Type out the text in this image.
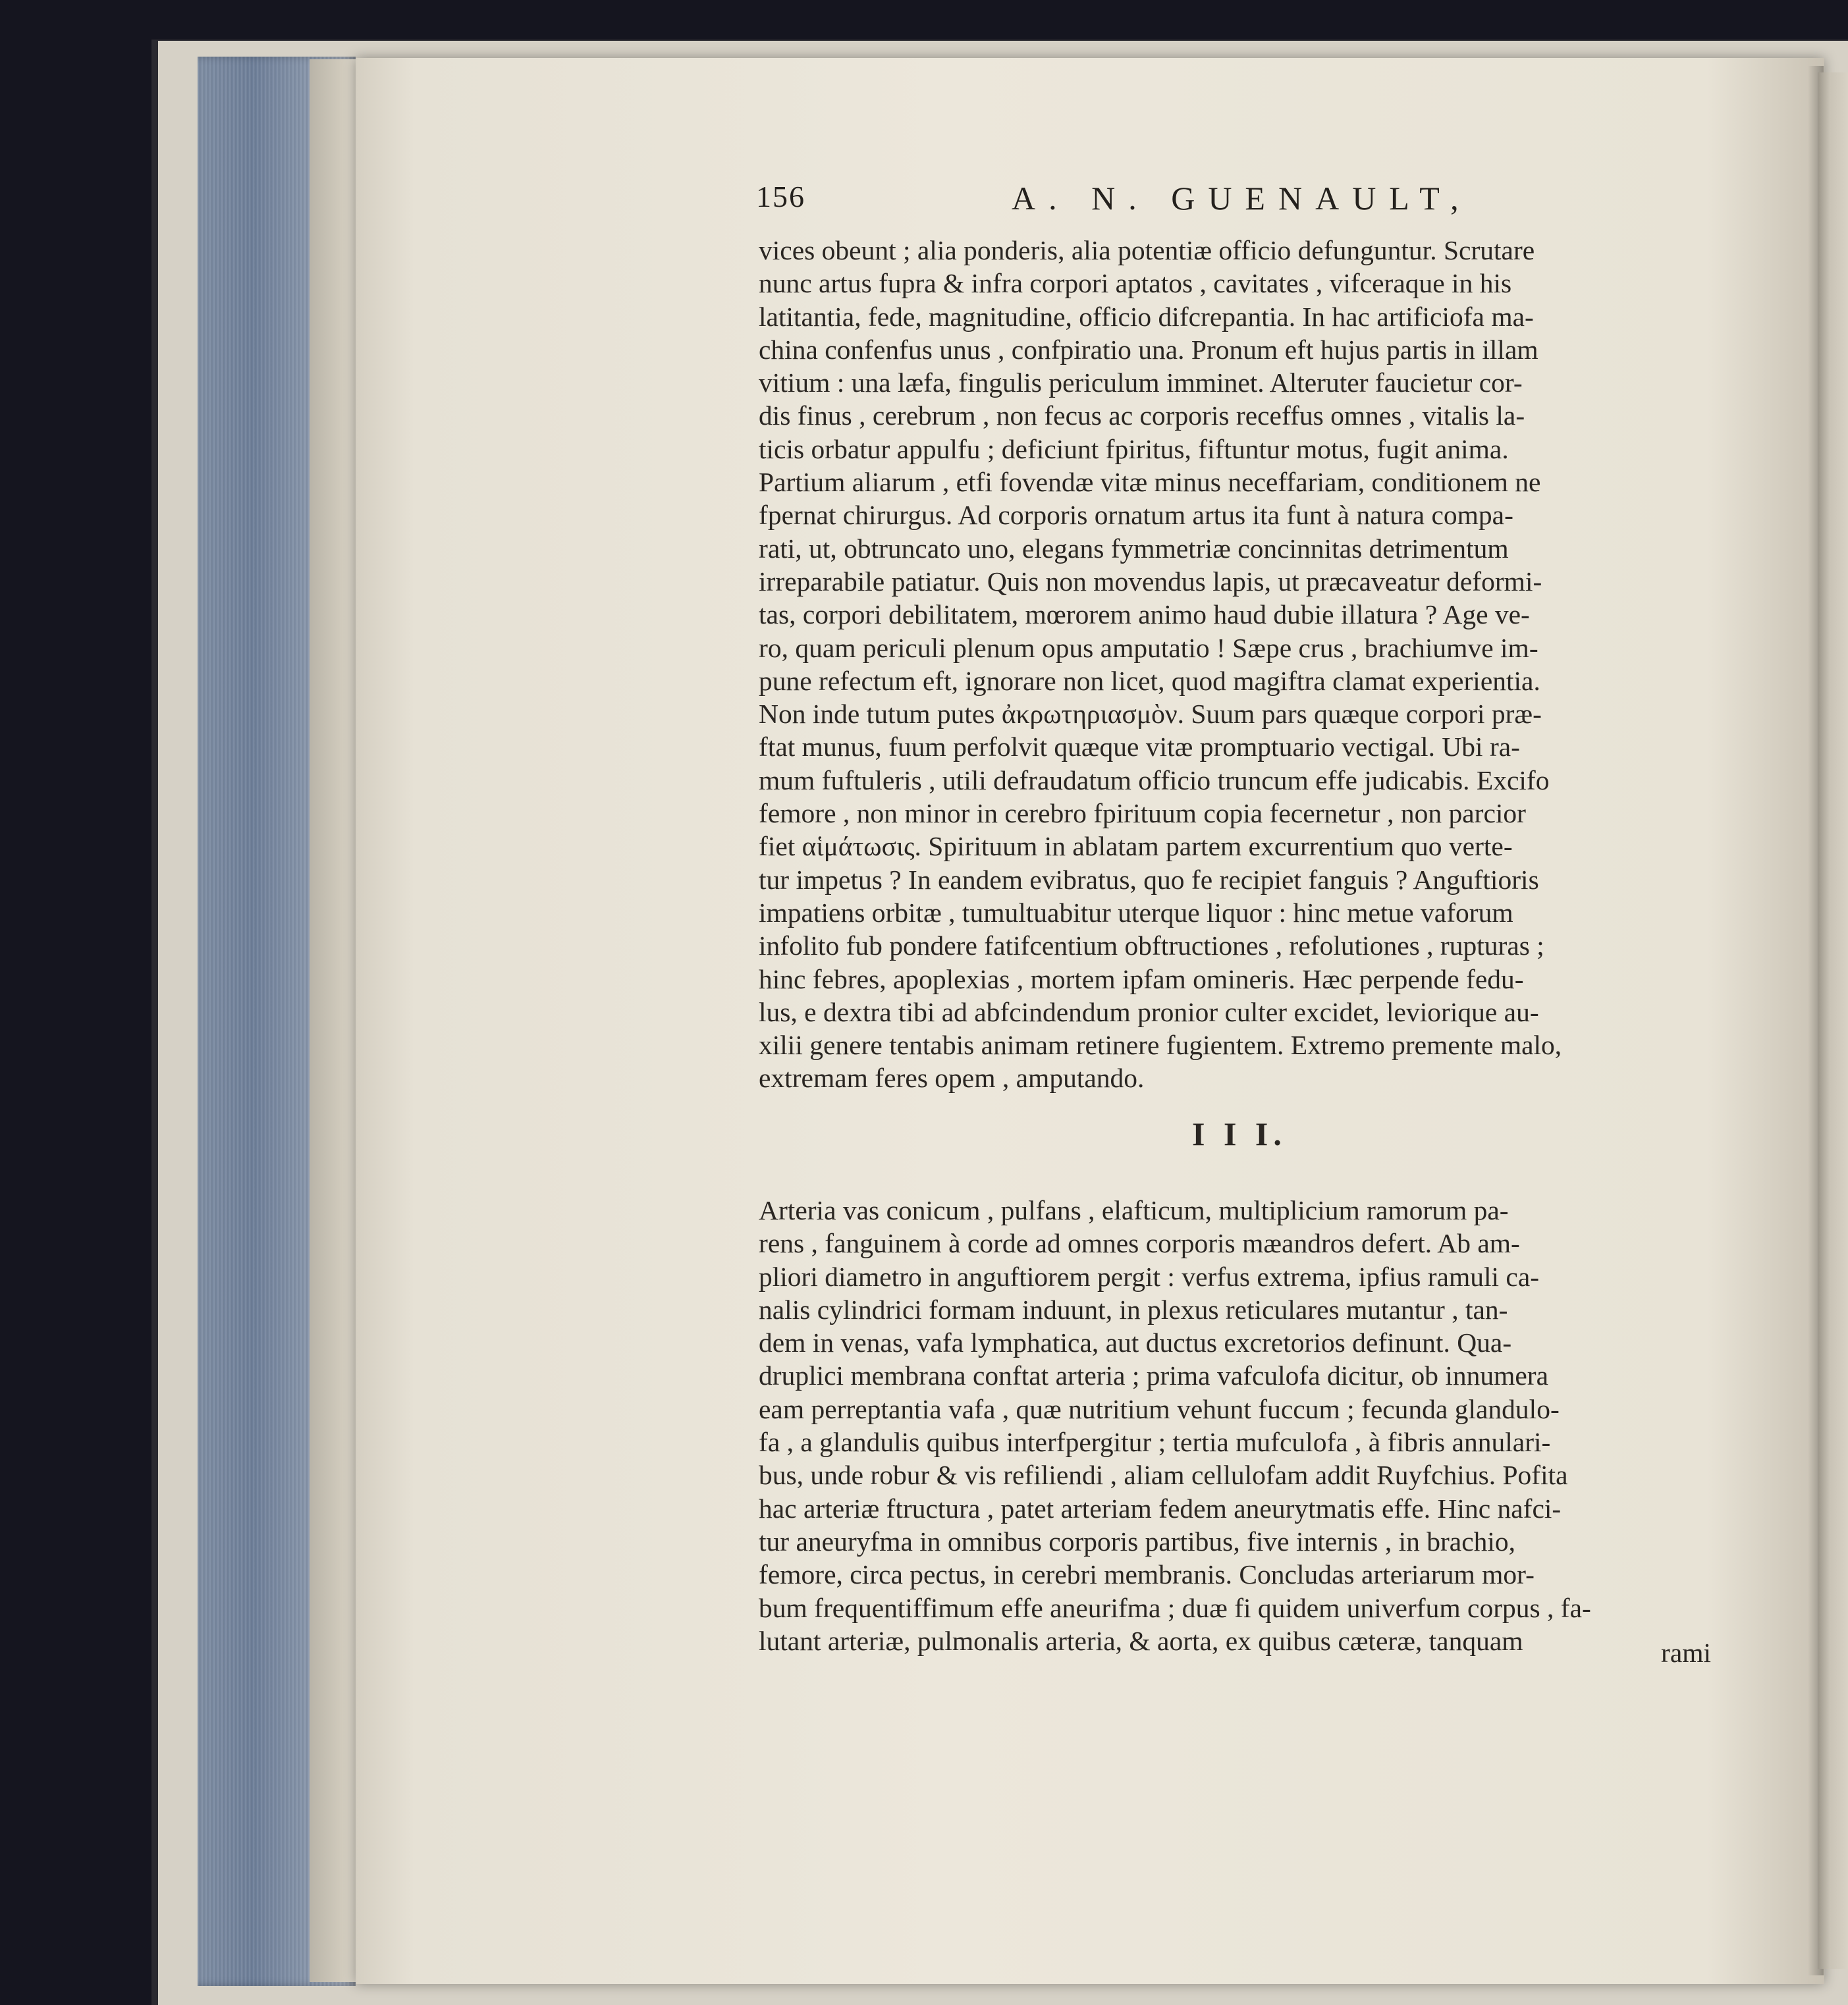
156	A. N. GUENAULT,
vices obeunt ; alia ponderis, alia potentiæ officio defunguntur. Scrutare
nunc artus fupra & infra corpori aptatos , cavitates , vifceraque in his
latitantia, fede, magnitudine, officio difcrepantia. In hac artificiofa ma-
china confenfus unus , confpiratio una. Pronum eft hujus partis in illam
vitium : una læfa, fingulis periculum imminet. Alteruter faucietur cor-
dis finus , cerebrum , non fecus ac corporis receffus omnes , vitalis la-
ticis orbatur appulfu ; deficiunt fpiritus, fiftuntur motus, fugit anima.
Partium aliarum , etfi fovendæ vitæ minus neceffariam, conditionem ne
fpernat chirurgus. Ad corporis ornatum artus ita funt à natura compa-
rati, ut, obtruncato uno, elegans fymmetriæ concinnitas detrimentum
irreparabile patiatur. Quis non movendus lapis, ut præcaveatur deformi-
tas, corpori debilitatem, mœrorem animo haud dubie illatura ? Age ve-
ro, quam periculi plenum opus amputatio ! Sæpe crus , brachiumve im-
pune refectum eft, ignorare non licet, quod magiftra clamat experientia.
Non inde tutum putes ἀκρωτηριασμὸν. Suum pars quæque corpori præ-
ftat munus, fuum perfolvit quæque vitæ promptuario vectigal. Ubi ra-
mum fuftuleris , utili defraudatum officio truncum effe judicabis. Excifo
femore , non minor in cerebro fpirituum copia fecernetur , non parcior
fiet αἱμάτωσις. Spirituum in ablatam partem excurrentium quo verte-
tur impetus ? In eandem evibratus, quo fe recipiet fanguis ? Anguftioris
impatiens orbitæ , tumultuabitur uterque liquor : hinc metue vaforum
infolito fub pondere fatifcentium obftructiones , refolutiones , rupturas ;
hinc febres, apoplexias , mortem ipfam omineris. Hæc perpende fedu-
lus, e dextra tibi ad abfcindendum pronior culter excidet, leviorique au-
xilii genere tentabis animam retinere fugientem. Extremo premente malo,
extremam feres opem , amputando.
I I I.
Arteria vas conicum , pulfans , elafticum, multiplicium ramorum pa-
rens , fanguinem à corde ad omnes corporis mæandros defert. Ab am-
pliori diametro in anguftiorem pergit : verfus extrema, ipfius ramuli ca-
nalis cylindrici formam induunt, in plexus reticulares mutantur , tan-
dem in venas, vafa lymphatica, aut ductus excretorios definunt. Qua-
druplici membrana conftat arteria ; prima vafculofa dicitur, ob innumera
eam perreptantia vafa , quæ nutritium vehunt fuccum ; fecunda glandulo-
fa , a glandulis quibus interfpergitur ; tertia mufculofa , à fibris annulari-
bus, unde robur & vis refiliendi , aliam cellulofam addit Ruyfchius. Pofita
hac arteriæ ftructura , patet arteriam fedem aneurytmatis effe. Hinc nafci-
tur aneuryfma in omnibus corporis partibus, five internis , in brachio,
femore, circa pectus, in cerebri membranis. Concludas arteriarum mor-
bum frequentiffimum effe aneurifma ; duæ fi quidem univerfum corpus , fa-
lutant arteriæ, pulmonalis arteria, & aorta, ex quibus cæteræ, tanquam	rami
